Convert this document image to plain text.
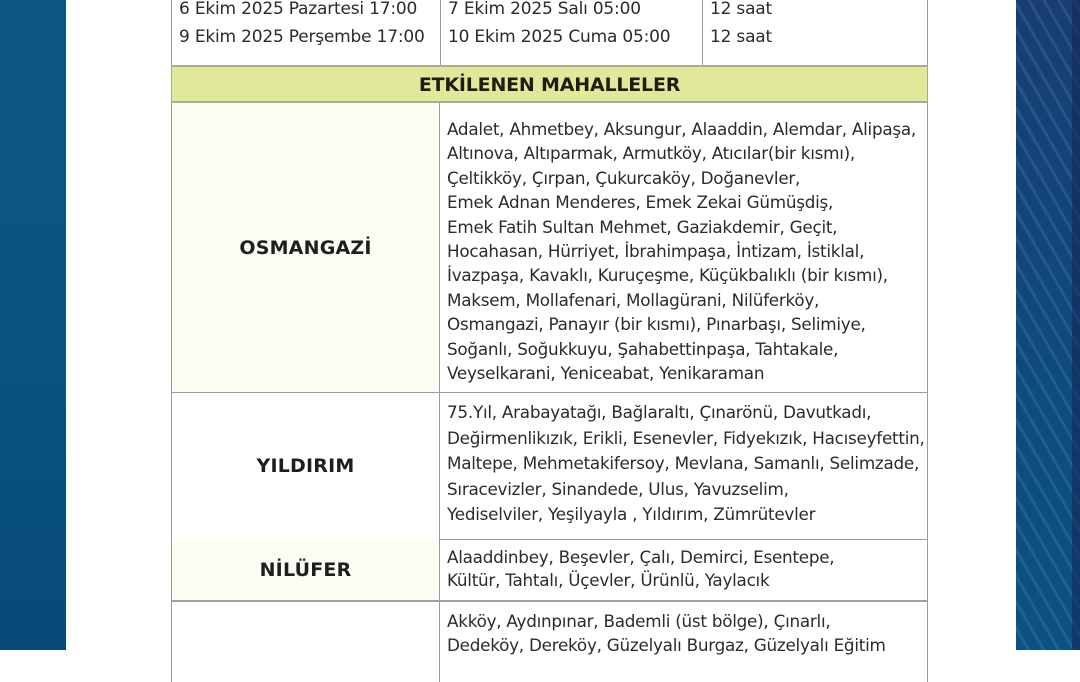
6 Ekim 2025 Pazartesi 17:00
9 Ekim 2025 Perşembe 17:00
7 Ekim 2025 Salı 05:00
10 Ekim 2025 Cuma 05:00
12 saat
12 saat
ETKİLENEN MAHALLELER
OSMANGAZİ
Adalet, Ahmetbey, Aksungur, Alaaddin, Alemdar, Alipaşa,
Altınova, Altıparmak, Armutköy, Atıcılar(bir kısmı),
Çeltikköy, Çırpan, Çukurcaköy, Doğanevler,
Emek Adnan Menderes, Emek Zekai Gümüşdiş,
Emek Fatih Sultan Mehmet, Gaziakdemir, Geçit,
Hocahasan, Hürriyet, İbrahimpaşa, İntizam, İstiklal,
İvazpaşa, Kavaklı, Kuruçeşme, Küçükbalıklı (bir kısmı),
Maksem, Mollafenari, Mollagürani, Nilüferköy,
Osmangazi, Panayır (bir kısmı), Pınarbaşı, Selimiye,
Soğanlı, Soğukkuyu, Şahabettinpaşa, Tahtakale,
Veyselkarani, Yeniceabat, Yenikaraman
YILDIRIM
75.Yıl, Arabayatağı, Bağlaraltı, Çınarönü, Davutkadı,
Değirmenlikızık, Erikli, Esenevler, Fidyekızık, Hacıseyfettin,
Maltepe, Mehmetakifersoy, Mevlana, Samanlı, Selimzade,
Sıracevizler, Sinandede, Ulus, Yavuzselim,
Yediselviler, Yeşilyayla , Yıldırım, Zümrütevler
NİLÜFER
Alaaddinbey, Beşevler, Çalı, Demirci, Esentepe,
Kültür, Tahtalı, Üçevler, Ürünlü, Yaylacık
Akköy, Aydınpınar, Bademli (üst bölge), Çınarlı,
Dedeköy, Dereköy, Güzelyalı Burgaz, Güzelyalı Eğitim
